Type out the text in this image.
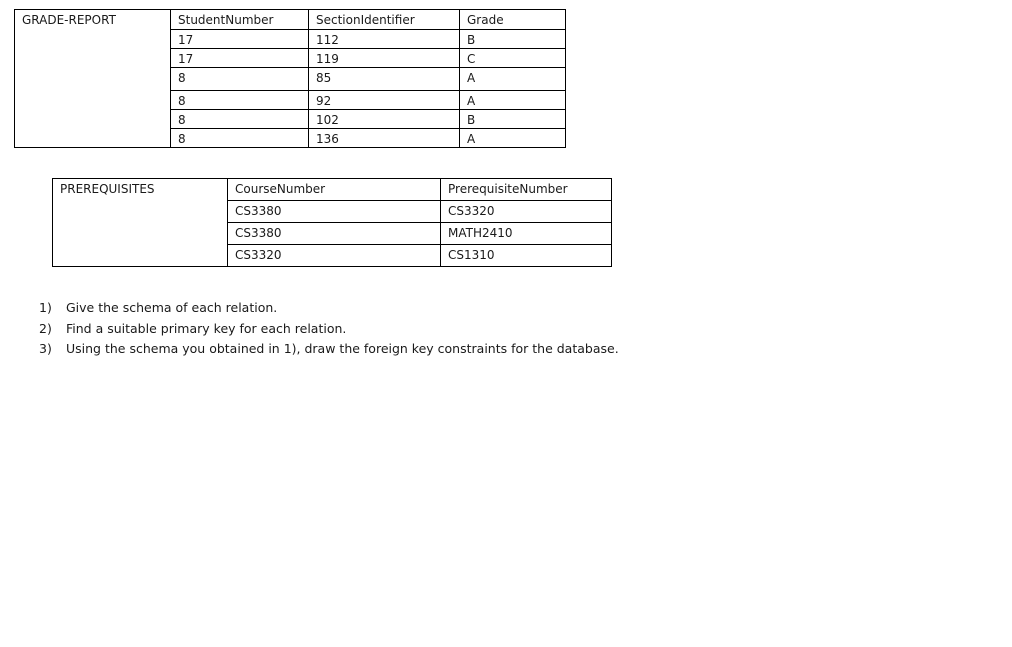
GRADE-REPORT	StudentNumber	SectionIdentifier	Grade
	17	112	B
	17	119	C
	8	85	A
	8	92	A
	8	102	B
	8	136	A
PREREQUISITES	CourseNumber	PrerequisiteNumber
	CS3380	CS3320
	CS3380	MATH2410
	CS3320	CS1310
1)	Give the schema of each relation.
2)	Find a suitable primary key for each relation.
3)	Using the schema you obtained in 1), draw the foreign key constraints for the database.
